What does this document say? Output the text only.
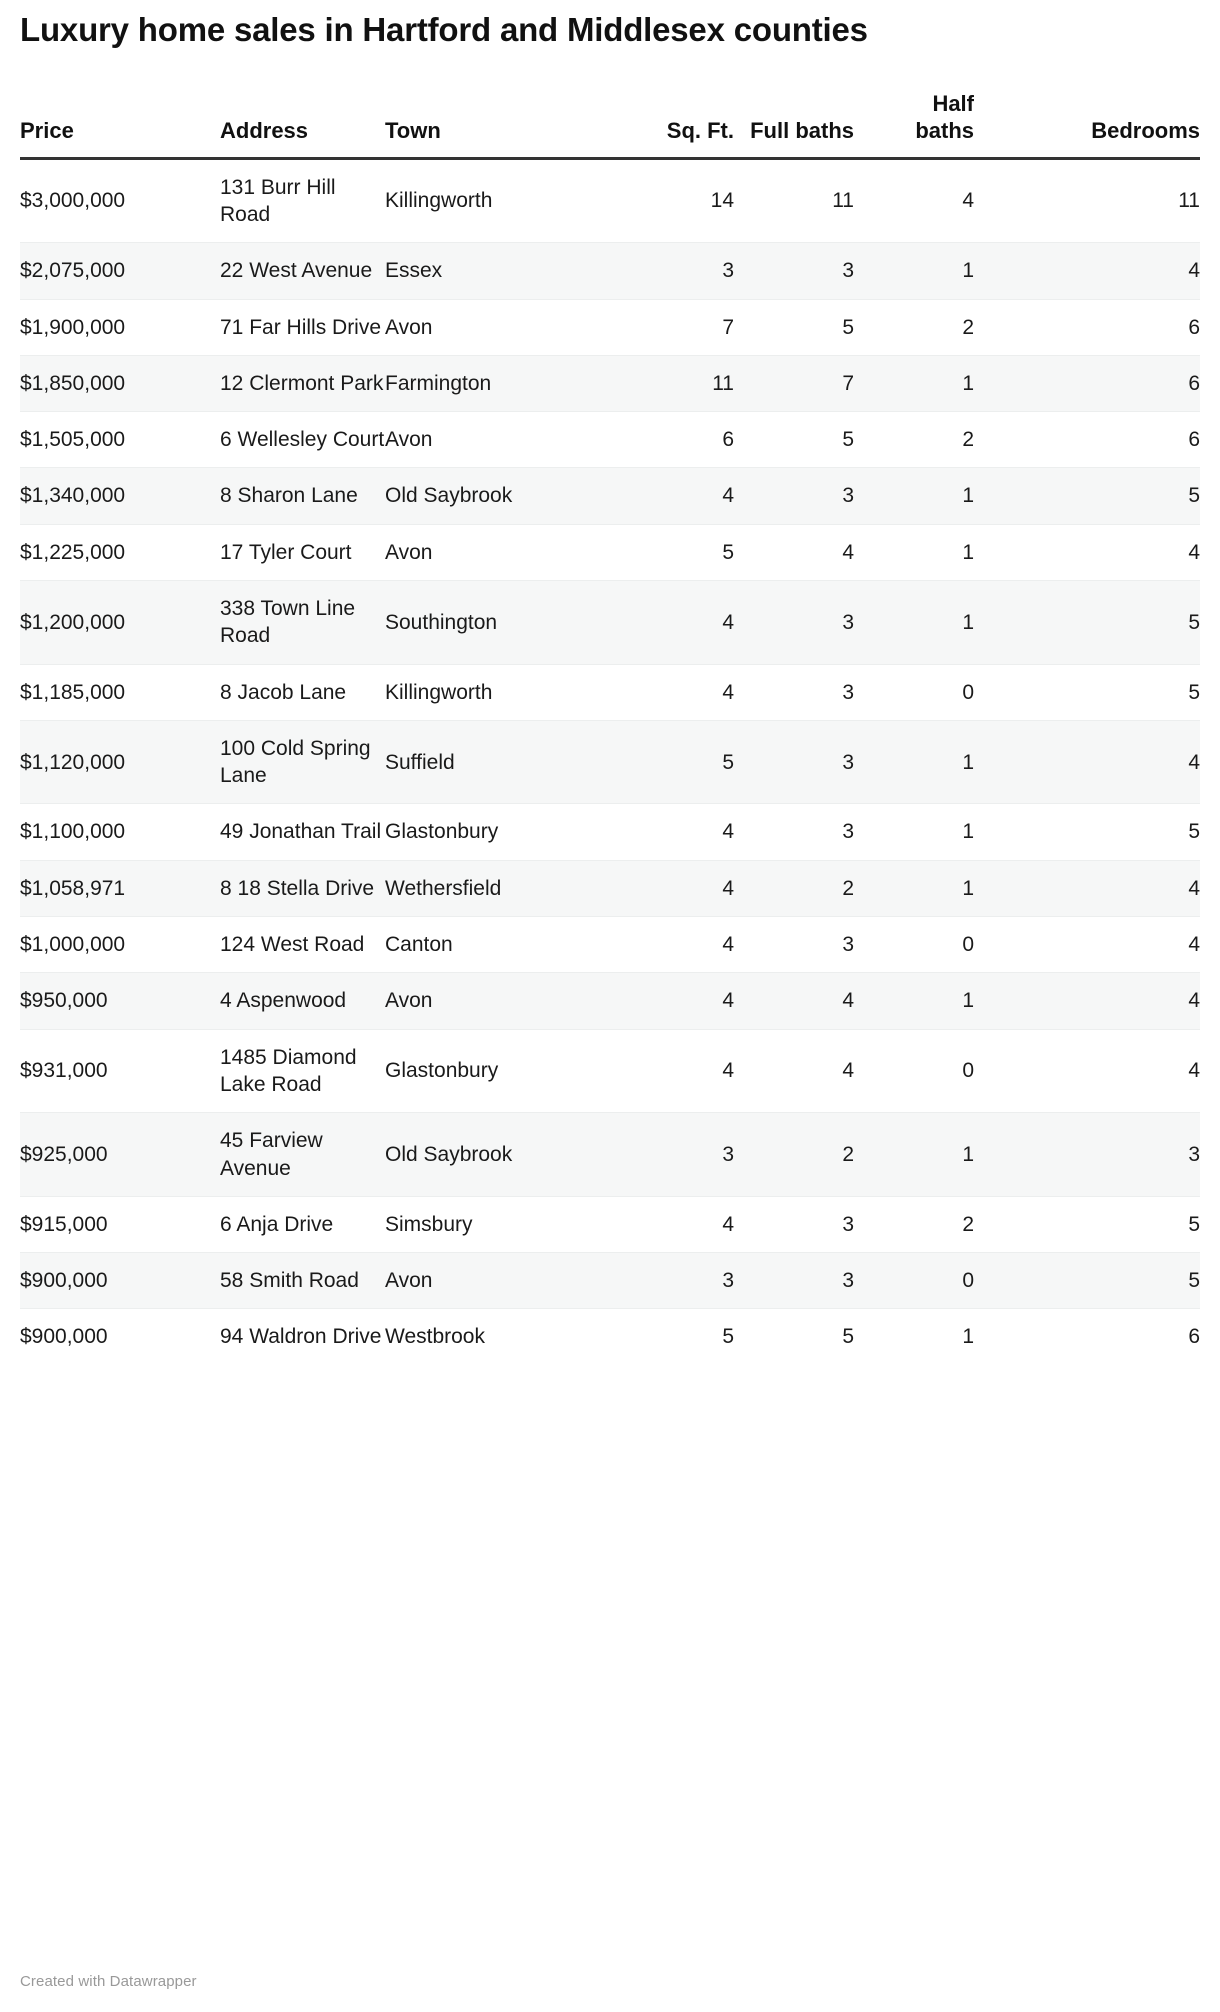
Luxury home sales in Hartford and Middlesex counties
Price	Address	Town	Sq. Ft.	Full baths	Half baths	Bedrooms
$3,000,000	131 Burr Hill Road	Killingworth	14	11	4	11
$2,075,000	22 West Avenue	Essex	3	3	1	4
$1,900,000	71 Far Hills Drive	Avon	7	5	2	6
$1,850,000	12 Clermont Park	Farmington	11	7	1	6
$1,505,000	6 Wellesley Court	Avon	6	5	2	6
$1,340,000	8 Sharon Lane	Old Saybrook	4	3	1	5
$1,225,000	17 Tyler Court	Avon	5	4	1	4
$1,200,000	338 Town Line Road	Southington	4	3	1	5
$1,185,000	8 Jacob Lane	Killingworth	4	3	0	5
$1,120,000	100 Cold Spring Lane	Suffield	5	3	1	4
$1,100,000	49 Jonathan Trail	Glastonbury	4	3	1	5
$1,058,971	8 18 Stella Drive	Wethersfield	4	2	1	4
$1,000,000	124 West Road	Canton	4	3	0	4
$950,000	4 Aspenwood	Avon	4	4	1	4
$931,000	1485 Diamond Lake Road	Glastonbury	4	4	0	4
$925,000	45 Farview Avenue	Old Saybrook	3	2	1	3
$915,000	6 Anja Drive	Simsbury	4	3	2	5
$900,000	58 Smith Road	Avon	3	3	0	5
$900,000	94 Waldron Drive	Westbrook	5	5	1	6
Created with Datawrapper
